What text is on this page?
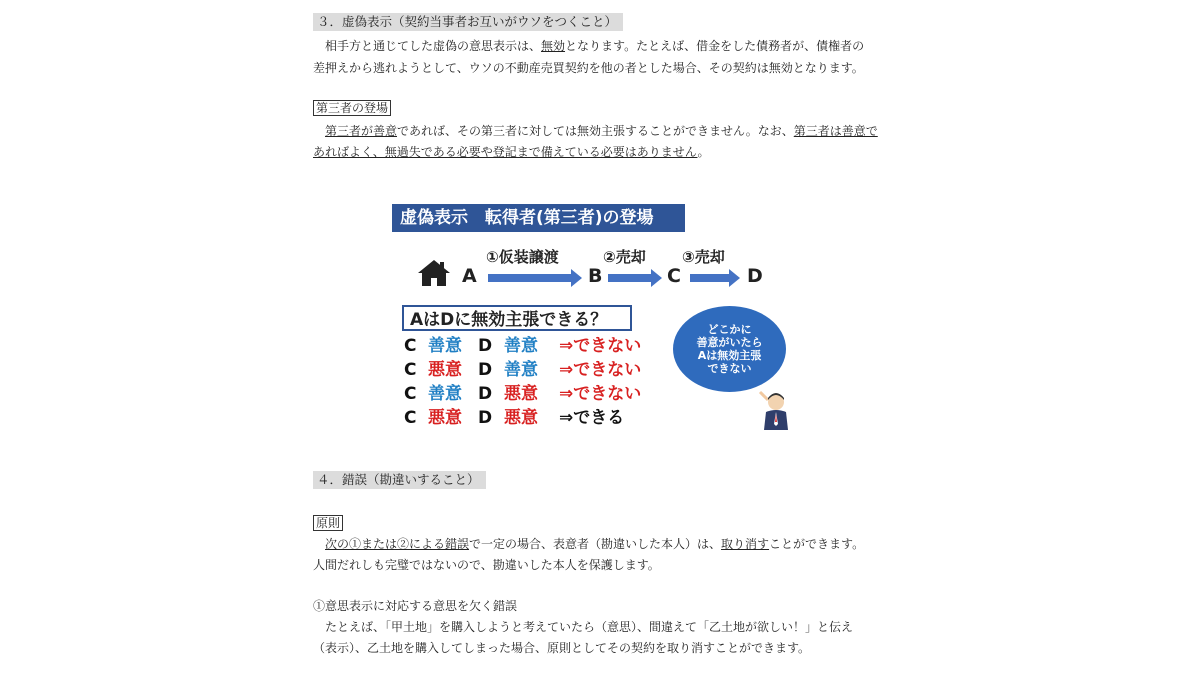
３．虚偽表示（契約当事者お互いがウソをつくこと）
相手方と通じてした虚偽の意思表示は、無効となります。たとえば、借金をした債務者が、債権者の
差押えから逃れようとして、ウソの不動産売買契約を他の者とした場合、その契約は無効となります。
第三者の登場
第三者が善意であれば、その第三者に対しては無効主張することができません。なお、第三者は善意で
あればよく、無過失である必要や登記まで備えている必要はありません。
虚偽表示　転得者(第三者)の登場
①仮装譲渡	②売却 ③売却
A	B	C	D
AはDに無効主張できる？
C 善意 D 善意 ⇒できない
C 悪意 D 善意 ⇒できない
C 善意 D 悪意 ⇒できない
C 悪意 D 悪意 ⇒できる
どこかに
善意がいたら
Aは無効主張
できない
４．錯誤（勘違いすること）
原則
次の①または②による錯誤で一定の場合、表意者（勘違いした本人）は、取り消すことができます。
人間だれしも完璧ではないので、勘違いした本人を保護します。
①意思表示に対応する意思を欠く錯誤
たとえば、「甲土地」を購入しようと考えていたら（意思）、間違えて「乙土地が欲しい！」と伝え
（表示）、乙土地を購入してしまった場合、原則としてその契約を取り消すことができます。
